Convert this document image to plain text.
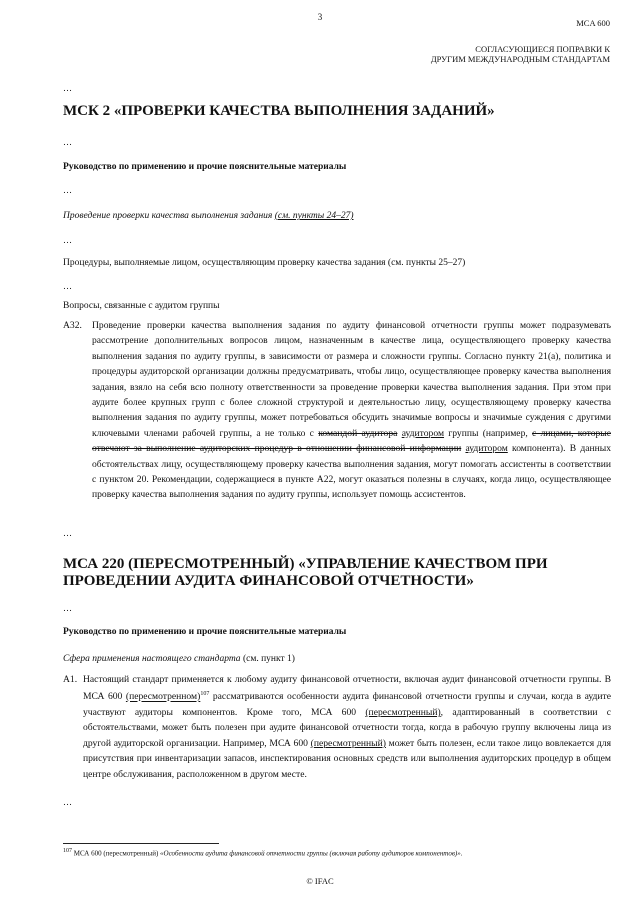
3
MCA 600
СОГЛАСУЮЩИЕСЯ ПОПРАВКИ К
ДРУГИМ МЕЖДУНАРОДНЫМ СТАНДАРТАМ
…
МСК 2 «ПРОВЕРКИ КАЧЕСТВА ВЫПОЛНЕНИЯ ЗАДАНИЙ»
…
Руководство по применению и прочие пояснительные материалы
…
Проведение проверки качества выполнения задания (см. пункты 24–27)
…
Процедуры, выполняемые лицом, осуществляющим проверку качества задания (см. пункты 25–27)
…
Вопросы, связанные с аудитом группы
A32. Проведение проверки качества выполнения задания по аудиту финансовой отчетности группы может подразумевать рассмотрение дополнительных вопросов лицом, назначенным в качестве лица, осуществляющего проверку качества выполнения задания по аудиту группы, в зависимости от размера и сложности группы. Согласно пункту 21(a), политика и процедуры аудиторской организации должны предусматривать, чтобы лицо, осуществляющее проверку качества выполнения задания, взяло на себя всю полноту ответственности за проведение проверки качества выполнения задания. При этом при аудите более крупных групп с более сложной структурой и деятельностью лицу, осуществляющему проверку качества выполнения задания по аудиту группы, может потребоваться обсудить значимые вопросы и значимые суждения с другими ключевыми членами рабочей группы, а не только с командой аудитора аудитором группы (например, с лицами, которые отвечают за выполнение аудиторских процедур в отношении финансовой информации аудитором компонента). В данных обстоятельствах лицу, осуществляющему проверку качества выполнения задания, могут помогать ассистенты в соответствии с пунктом 20. Рекомендации, содержащиеся в пункте A22, могут оказаться полезны в случаях, когда лицо, осуществляющее проверку качества выполнения задания по аудиту группы, использует помощь ассистентов.
…
МСА 220 (ПЕРЕСМОТРЕННЫЙ) «УПРАВЛЕНИЕ КАЧЕСТВОМ ПРИ
ПРОВЕДЕНИИ АУДИТА ФИНАНСОВОЙ ОТЧЕТНОСТИ»
…
Руководство по применению и прочие пояснительные материалы
Сфера применения настоящего стандарта (см. пункт 1)
A1. Настоящий стандарт применяется к любому аудиту финансовой отчетности, включая аудит финансовой отчетности группы. В МСА 600 (пересмотренном)$^{107}$ рассматриваются особенности аудита финансовой отчетности группы и случаи, когда в аудите участвуют аудиторы компонентов. Кроме того, МСА 600 (пересмотренный), адаптированный в соответствии с обстоятельствами, может быть полезен при аудите финансовой отчетности тогда, когда в рабочую группу включены лица из другой аудиторской организации. Например, МСА 600 (пересмотренный) может быть полезен, если такое лицо вовлекается для присутствия при инвентаризации запасов, инспектирования основных средств или выполнения аудиторских процедур в общем центре обслуживания, расположенном в другом месте.
…
$^{107}$ МСА 600 (пересмотренный) «Особенности аудита финансовой отчетности группы (включая работу аудиторов компонентов)».
© IFAC
